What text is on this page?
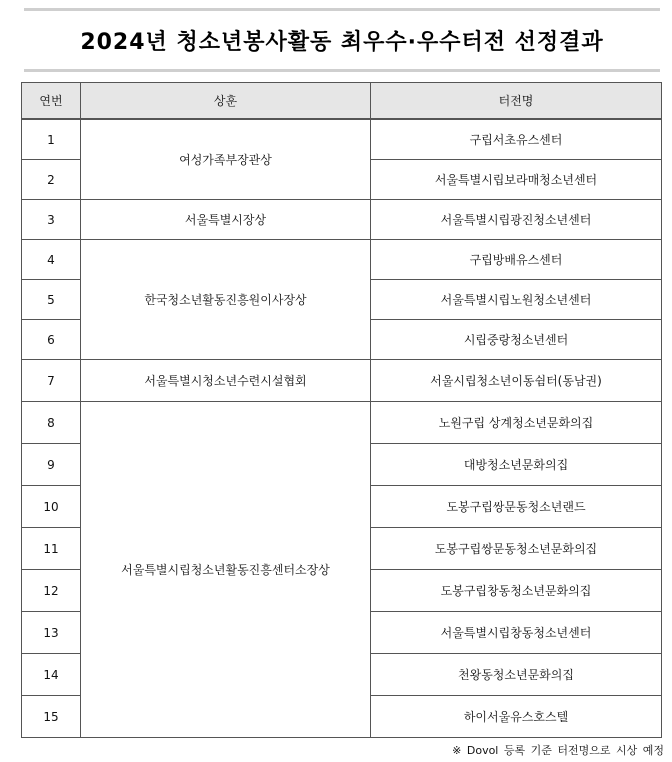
2024년 청소년봉사활동 최우수·우수터전 선정결과
연번	상훈	터전명
1	여성가족부장관상	구립서초유스센터
2		서울특별시립보라매청소년센터
3	서울특별시장상	서울특별시립광진청소년센터
4	한국청소년활동진흥원이사장상	구립방배유스센터
5		서울특별시립노원청소년센터
6		시립중랑청소년센터
7	서울특별시청소년수련시설협회	서울시립청소년이동쉼터(동남권)
8	서울특별시립청소년활동진흥센터소장상	노원구립 상계청소년문화의집
9		대방청소년문화의집
10		도봉구립쌍문동청소년랜드
11		도봉구립쌍문동청소년문화의집
12		도봉구립창동청소년문화의집
13		서울특별시립창동청소년센터
14		천왕동청소년문화의집
15		하이서울유스호스텔
※ Dovol 등록 기준 터전명으로 시상 예정
